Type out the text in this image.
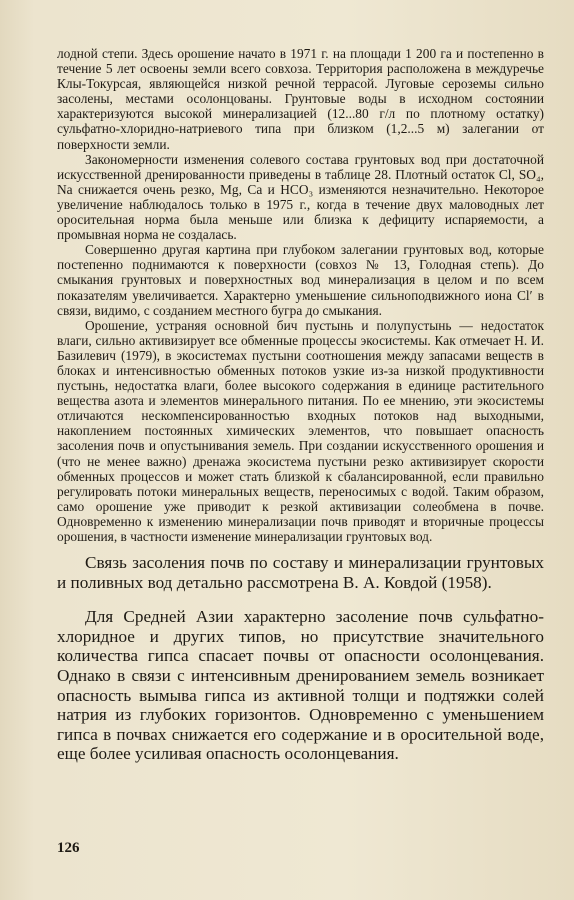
лодной степи. Здесь орошение начато в 1971 г. на площади 1 200 га и постепенно в течение 5 лет освоены земли всего совхоза. Территория расположена в междуречье Клы-Токурсая, являющейся низкой речной террасой. Луговые сероземы сильно засолены, местами осолонцованы. Грунтовые воды в исходном состоянии характеризуются высокой минерализацией (12...80 г/л по плотному остатку) сульфатно-хлоридно-натриевого типа при близком (1,2...5 м) залегании от поверхности земли.

Закономерности изменения солевого состава грунтовых вод при достаточной искусственной дренированности приведены в таблице 28. Плотный остаток Cl, SO₄, Na снижается очень резко, Mg, Ca и HCO₃ изменяются незначительно. Некоторое увеличение наблюдалось только в 1975 г., когда в течение двух маловодных лет оросительная норма была меньше или близка к дефициту испаряемости, а промывная норма не создалась.

Совершенно другая картина при глубоком залегании грунтовых вод, которые постепенно поднимаются к поверхности (совхоз № 13, Голодная степь). До смыкания грунтовых и поверхностных вод минерализация в целом и по всем показателям увеличивается. Характерно уменьшение сильноподвижного иона Cl′ в связи, видимо, с созданием местного бугра до смыкания.

Орошение, устраняя основной бич пустынь и полупустынь — недостаток влаги, сильно активизирует все обменные процессы экосистемы. Как отмечает Н. И. Базилевич (1979), в экосистемах пустыни соотношения между запасами веществ в блоках и интенсивностью обменных потоков узкие из-за низкой продуктивности пустынь, недостатка влаги, более высокого содержания в единице растительного вещества азота и элементов минерального питания. По ее мнению, эти экосистемы отличаются нескомпенсированностью входных потоков над выходными, накоплением постоянных химических элементов, что повышает опасность засоления почв и опустынивания земель. При создании искусственного орошения и (что не менее важно) дренажа экосистема пустыни резко активизирует скорости обменных процессов и может стать близкой к сбалансированной, если правильно регулировать потоки минеральных веществ, переносимых с водой. Таким образом, само орошение уже приводит к резкой активизации солеобмена в почве. Одновременно к изменению минерализации почв приводят и вторичные процессы орошения, в частности изменение минерализации грунтовых вод.

Связь засоления почв по составу и минерализации грунтовых и поливных вод детально рассмотрена В. А. Ковдой (1958).

Для Средней Азии характерно засоление почв сульфатно-хлоридное и других типов, но присутствие значительного количества гипса спасает почвы от опасности осолонцевания. Однако в связи с интенсивным дренированием земель возникает опасность вымыва гипса из активной толщи и подтяжки солей натрия из глубоких горизонтов. Одновременно с уменьшением гипса в почвах снижается его содержание и в оросительной воде, еще более усиливая опасность осолонцевания.

126
